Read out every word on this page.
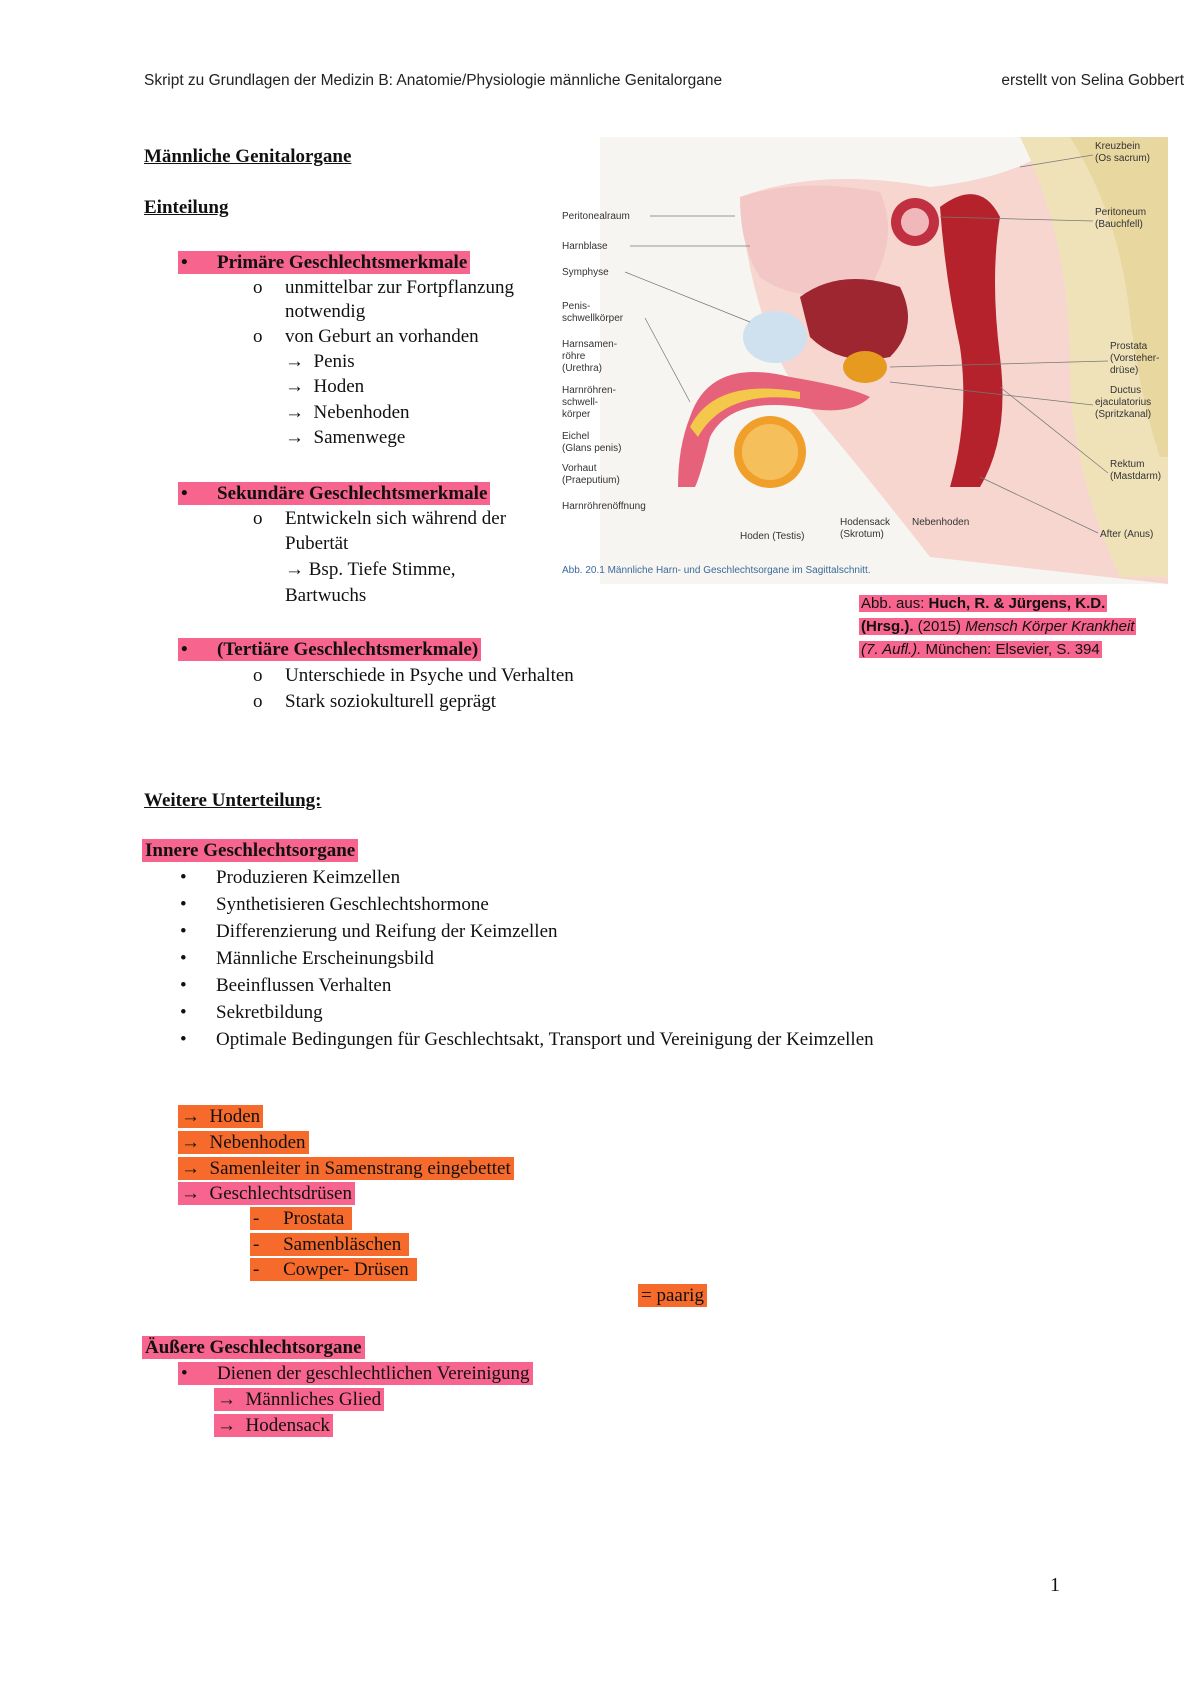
Skript zu Grundlagen der Medizin B: Anatomie/Physiologie männliche Genitalorgane	erstellt von Selina Gobbert
Männliche Genitalorgane
Einteilung
• Primäre Geschlechtsmerkmale
o unmittelbar zur Fortpflanzung
notwendig
o von Geburt an vorhanden
→  Penis
→  Hoden
→  Nebenhoden
→  Samenwege
• Sekundäre Geschlechtsmerkmale
o Entwickeln sich während der
Pubertät
→ Bsp. Tiefe Stimme,
Bartwuchs
• (Tertiäre Geschlechtsmerkmale)
o Unterschiede in Psyche und Verhalten
o Stark soziokulturell geprägt
Peritonealraum
Harnblase
Symphyse
Penis-
schwellkörper
Harnsamen-
röhre
(Urethra)
Harnröhren-
schwell-
körper
Eichel
(Glans penis)
Vorhaut
(Praeputium)
Harnröhrenöffnung
Kreuzbein
(Os sacrum)
Peritoneum
(Bauchfell)
Prostata
(Vorsteher-
drüse)
Ductus
ejaculatorius
(Spritzkanal)
Rektum
(Mastdarm)
After (Anus)
Hoden (Testis)
Hodensack
(Skrotum)
Nebenhoden
Abb. 20.1 Männliche Harn- und Geschlechtsorgane im Sagittalschnitt.
Abb. aus: Huch, R. & Jürgens, K.D.
(Hrsg.). (2015) Mensch Körper Krankheit
(7. Aufl.). München: Elsevier, S. 394
Weitere Unterteilung:
Innere Geschlechtsorgane
• Produzieren Keimzellen
• Synthetisieren Geschlechtshormone
• Differenzierung und Reifung der Keimzellen
• Männliche Erscheinungsbild
• Beeinflussen Verhalten
• Sekretbildung
• Optimale Bedingungen für Geschlechtsakt, Transport und Vereinigung der Keimzellen
→  Hoden
→  Nebenhoden
→  Samenleiter in Samenstrang eingebettet
→  Geschlechtsdrüsen
-     Prostata
-     Samenbläschen
-     Cowper- Drüsen
= paarig
Äußere Geschlechtsorgane
• Dienen der geschlechtlichen Vereinigung
→  Männliches Glied
→  Hodensack
1
